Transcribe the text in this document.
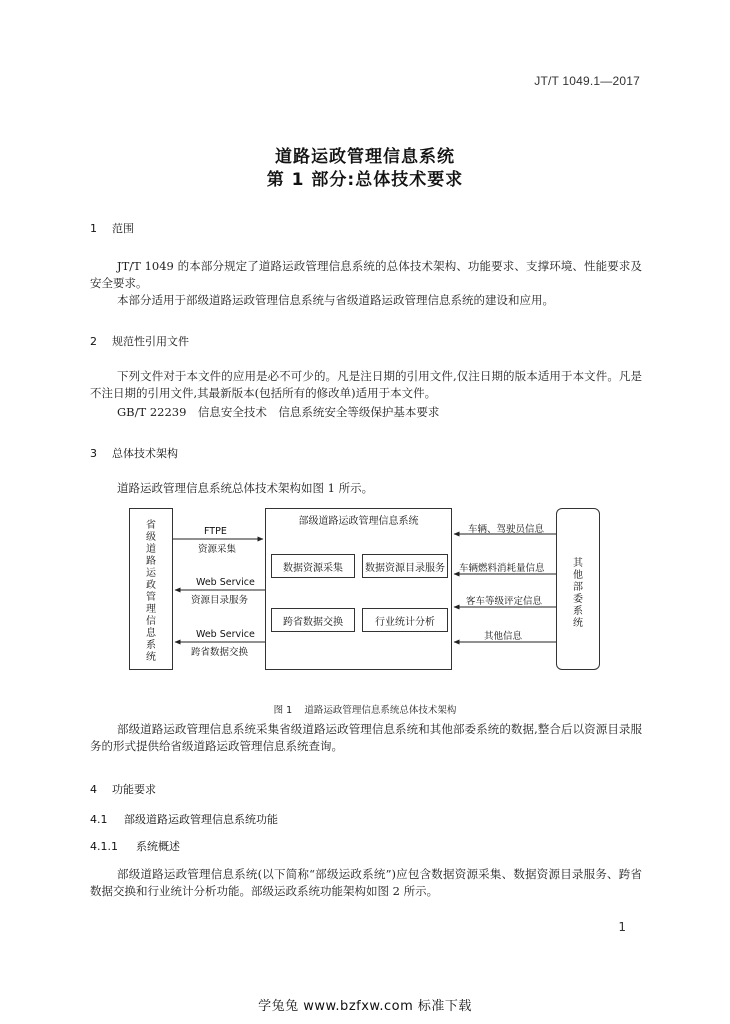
JT/T 1049.1—2017
道路运政管理信息系统
第 1 部分:总体技术要求
1 范围

JT/T 1049 的本部分规定了道路运政管理信息系统的总体技术架构、功能要求、支撑环境、性能要求及安全要求。

本部分适用于部级道路运政管理信息系统与省级道路运政管理信息系统的建设和应用。

2 规范性引用文件

下列文件对于本文件的应用是必不可少的。凡是注日期的引用文件,仅注日期的版本适用于本文件。凡是不注日期的引用文件,其最新版本(包括所有的修改单)适用于本文件。

GB/T 22239　信息安全技术　信息系统安全等级保护基本要求

3 总体技术架构

道路运政管理信息系统总体技术架构如图 1 所示。

省
级
道
路
运
政
管
理
信
息
系
统
部级道路运政管理信息系统
数据资源采集	数据资源目录服务
跨省数据交换	行业统计分析
其
他
部
委
系
统
FTPE
资源采集
Web Service
资源目录服务
Web Service
跨省数据交换
车辆、驾驶员信息
车辆燃料消耗量信息
客车等级评定信息
其他信息
图 1 道路运政管理信息系统总体技术架构

部级道路运政管理信息系统采集省级道路运政管理信息系统和其他部委系统的数据,整合后以资源目录服务的形式提供给省级道路运政管理信息系统查询。

4 功能要求
4.1 部级道路运政管理信息系统功能
4.1.1 系统概述

部级道路运政管理信息系统(以下简称“部级运政系统”)应包含数据资源采集、数据资源目录服务、跨省数据交换和行业统计分析功能。部级运政系统功能架构如图 2 所示。

1
学兔兔 www.bzfxw.com 标准下载
